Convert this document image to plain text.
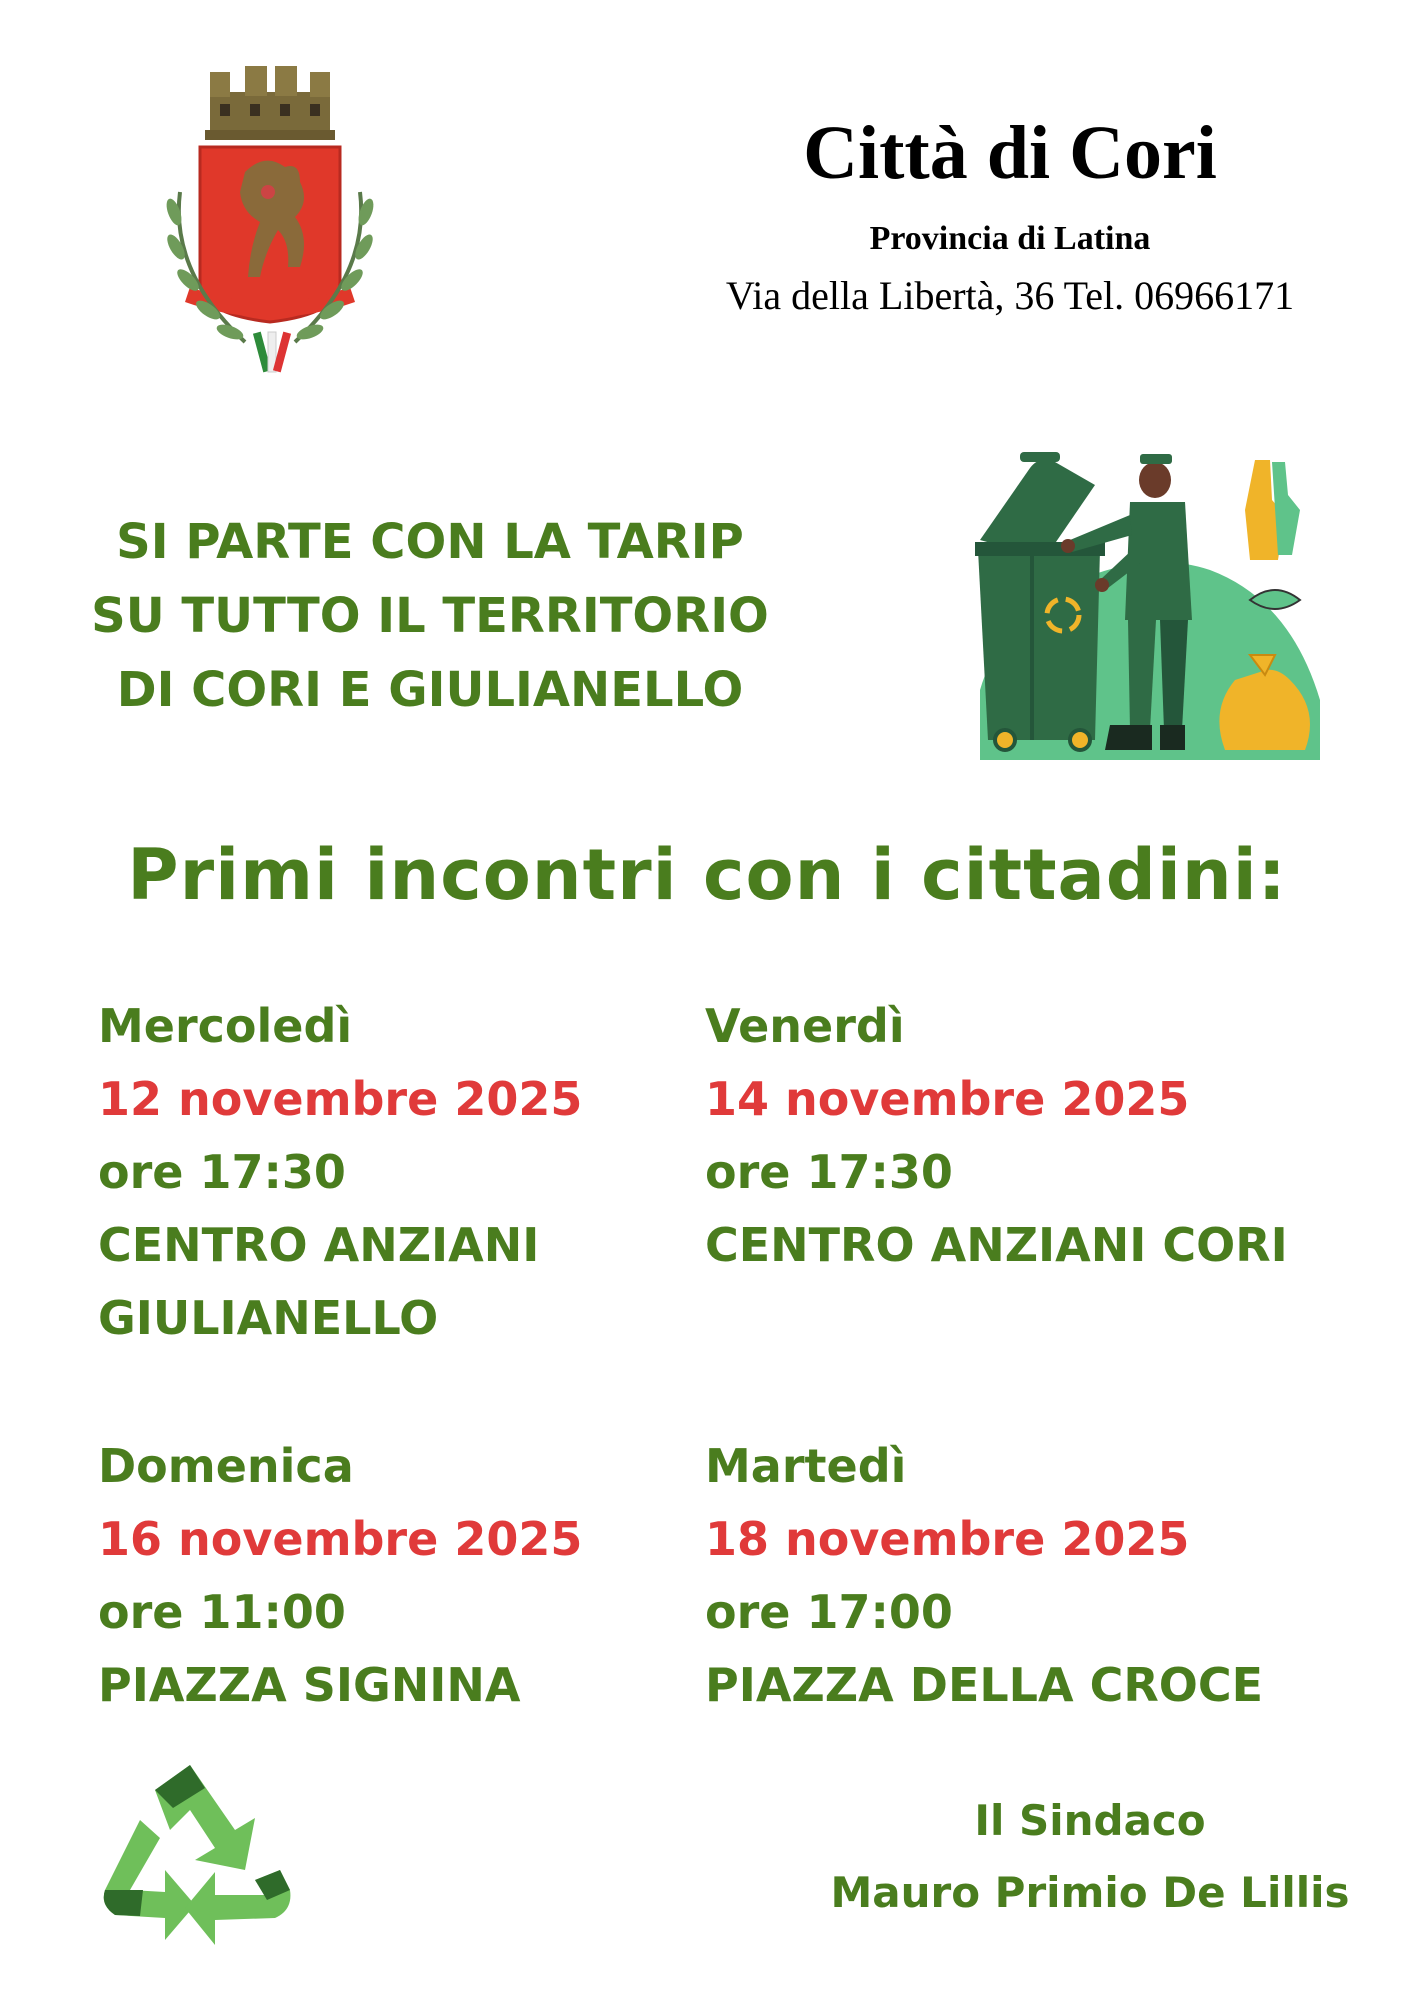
Città di Cori
Provincia di Latina
Via della Libertà, 36 Tel. 06966171
SI PARTE CON LA TARIP
SU TUTTO IL TERRITORIO
DI CORI E GIULIANELLO
Primi incontri con i cittadini:
Mercoledì
12 novembre 2025
ore 17:30
CENTRO ANZIANI
GIULIANELLO
Venerdì
14 novembre 2025
ore 17:30
CENTRO ANZIANI CORI
Domenica
16 novembre 2025
ore 11:00
PIAZZA SIGNINA
Martedì
18 novembre 2025
ore 17:00
PIAZZA DELLA CROCE
Il Sindaco
Mauro Primio De Lillis
